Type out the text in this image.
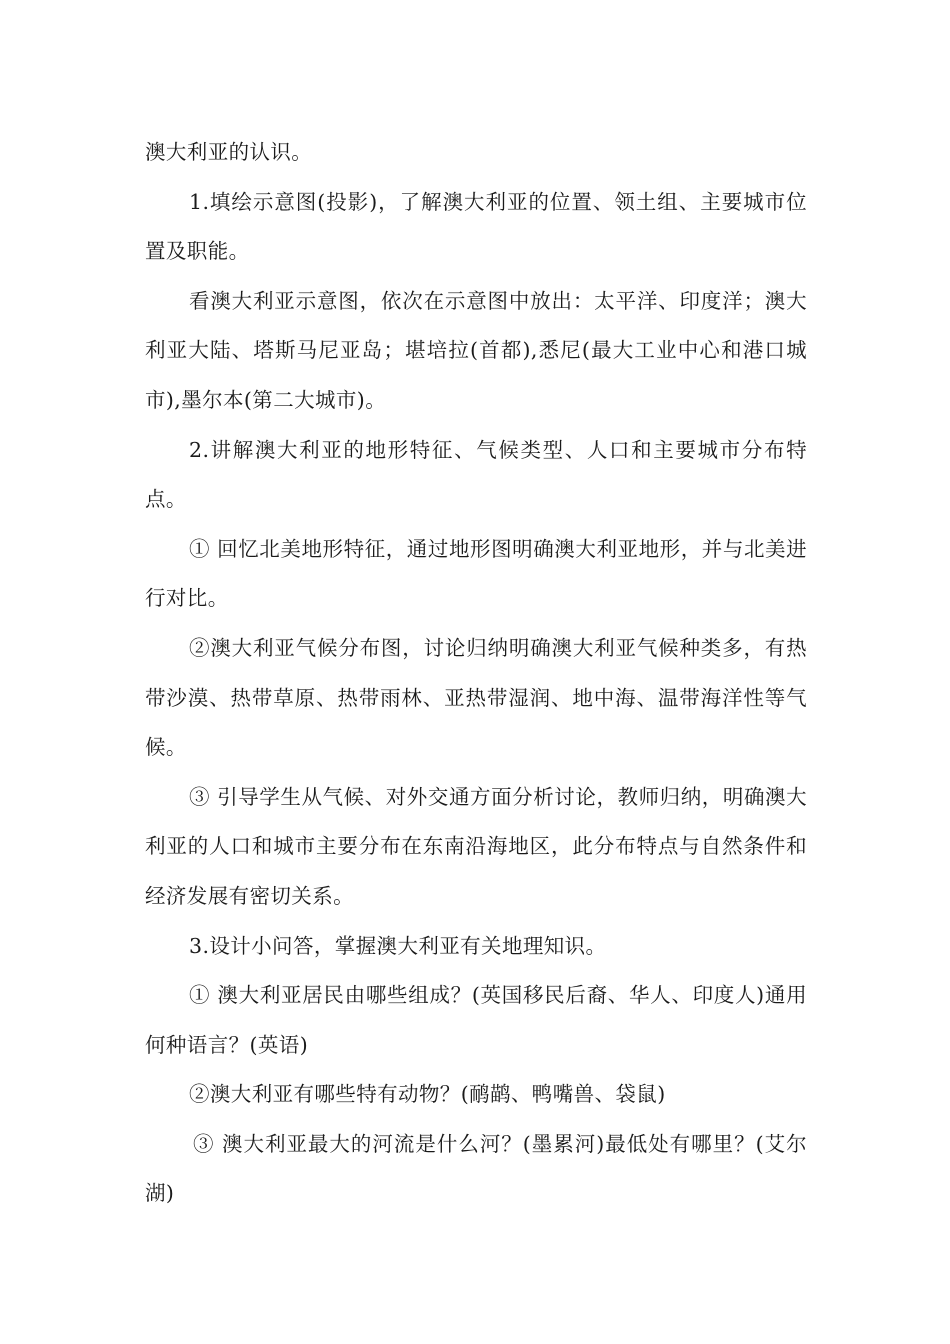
澳大利亚的认识。

1.填绘示意图(投影)，了解澳大利亚的位置、领土组、主要城市位置及职能。

看澳大利亚示意图，依次在示意图中放出：太平洋、印度洋；澳大利亚大陆、塔斯马尼亚岛；堪培拉(首都),悉尼(最大工业中心和港口城市),墨尔本(第二大城市)。

2.讲解澳大利亚的地形特征、气候类型、人口和主要城市分布特点。

① 回忆北美地形特征，通过地形图明确澳大利亚地形，并与北美进行对比。

②澳大利亚气候分布图，讨论归纳明确澳大利亚气候种类多，有热带沙漠、热带草原、热带雨林、亚热带湿润、地中海、温带海洋性等气候。

③ 引导学生从气候、对外交通方面分析讨论，教师归纳，明确澳大利亚的人口和城市主要分布在东南沿海地区，此分布特点与自然条件和经济发展有密切关系。

3.设计小问答，掌握澳大利亚有关地理知识。

① 澳大利亚居民由哪些组成？(英国移民后裔、华人、印度人)通用何种语言？(英语)

②澳大利亚有哪些特有动物？(鸸鹋、鸭嘴兽、袋鼠)

③ 澳大利亚最大的河流是什么河？(墨累河)最低处有哪里？(艾尔湖)
